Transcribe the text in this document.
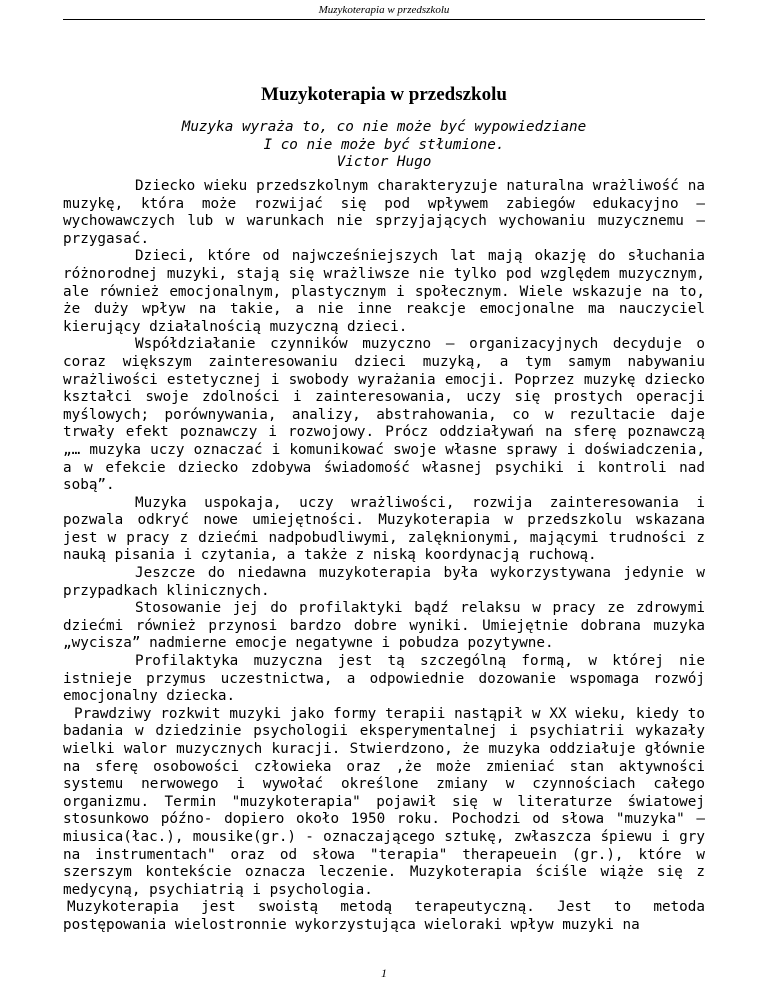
Muzykoterapia w przedszkolu
Muzykoterapia w przedszkolu
Muzyka wyraża to, co nie może być wypowiedziane
I co nie może być stłumione.
Victor Hugo

Dziecko wieku przedszkolnym charakteryzuje naturalna wrażliwość na muzykę, która może rozwijać się pod wpływem zabiegów edukacyjno – wychowawczych lub w warunkach nie sprzyjających wychowaniu muzycznemu – przygasać.

Dzieci, które od najwcześniejszych lat mają okazję do słuchania różnorodnej muzyki, stają się wrażliwsze nie tylko pod względem muzycznym, ale również emocjonalnym, plastycznym i społecznym. Wiele wskazuje na to, że duży wpływ na takie, a nie inne reakcje emocjonalne ma nauczyciel kierujący działalnością muzyczną dzieci.

Współdziałanie czynników muzyczno – organizacyjnych decyduje o coraz większym zainteresowaniu dzieci muzyką, a tym samym nabywaniu wrażliwości estetycznej i swobody wyrażania emocji. Poprzez muzykę dziecko kształci swoje zdolności i zainteresowania, uczy się prostych operacji myślowych; porównywania, analizy, abstrahowania, co w rezultacie daje trwały efekt poznawczy i rozwojowy. Prócz oddziaływań na sferę poznawczą „… muzyka uczy oznaczać i komunikować swoje własne sprawy i doświadczenia, a w efekcie dziecko zdobywa świadomość własnej psychiki i kontroli nad sobą”.

Muzyka uspokaja, uczy wrażliwości, rozwija zainteresowania i pozwala odkryć nowe umiejętności. Muzykoterapia w przedszkolu wskazana jest w pracy z dziećmi nadpobudliwymi, zalęknionymi, mającymi trudności z nauką pisania i czytania, a także z niską koordynacją ruchową.

Jeszcze do niedawna muzykoterapia była wykorzystywana jedynie w przypadkach klinicznych.

Stosowanie jej do profilaktyki bądź relaksu w pracy ze zdrowymi dziećmi również przynosi bardzo dobre wyniki. Umiejętnie dobrana muzyka „wycisza” nadmierne emocje negatywne i pobudza pozytywne.

Profilaktyka muzyczna jest tą szczególną formą, w której nie istnieje przymus uczestnictwa, a odpowiednie dozowanie wspomaga rozwój emocjonalny dziecka.

Prawdziwy rozkwit muzyki jako formy terapii nastąpił w XX wieku, kiedy to badania w dziedzinie psychologii eksperymentalnej i psychiatrii wykazały wielki walor muzycznych kuracji. Stwierdzono, że muzyka oddziałuje głównie na sferę osobowości człowieka oraz ‚że może zmieniać stan aktywności systemu nerwowego i wywołać określone zmiany w czynnościach całego organizmu. Termin "muzykoterapia" pojawił się w literaturze światowej stosunkowo późno- dopiero około 1950 roku. Pochodzi od słowa "muzyka" – miusica(łac.), mousike(gr.) - oznaczającego sztukę, zwłaszcza śpiewu i gry na instrumentach" oraz od słowa "terapia" therapeuein (gr.), które w szerszym kontekście oznacza leczenie. Muzykoterapia ściśle wiąże się z medycyną, psychiatrią i psychologia.

Muzykoterapia jest swoistą metodą terapeutyczną. Jest to metoda postępowania wielostronnie wykorzystująca wieloraki wpływ muzyki na

1
